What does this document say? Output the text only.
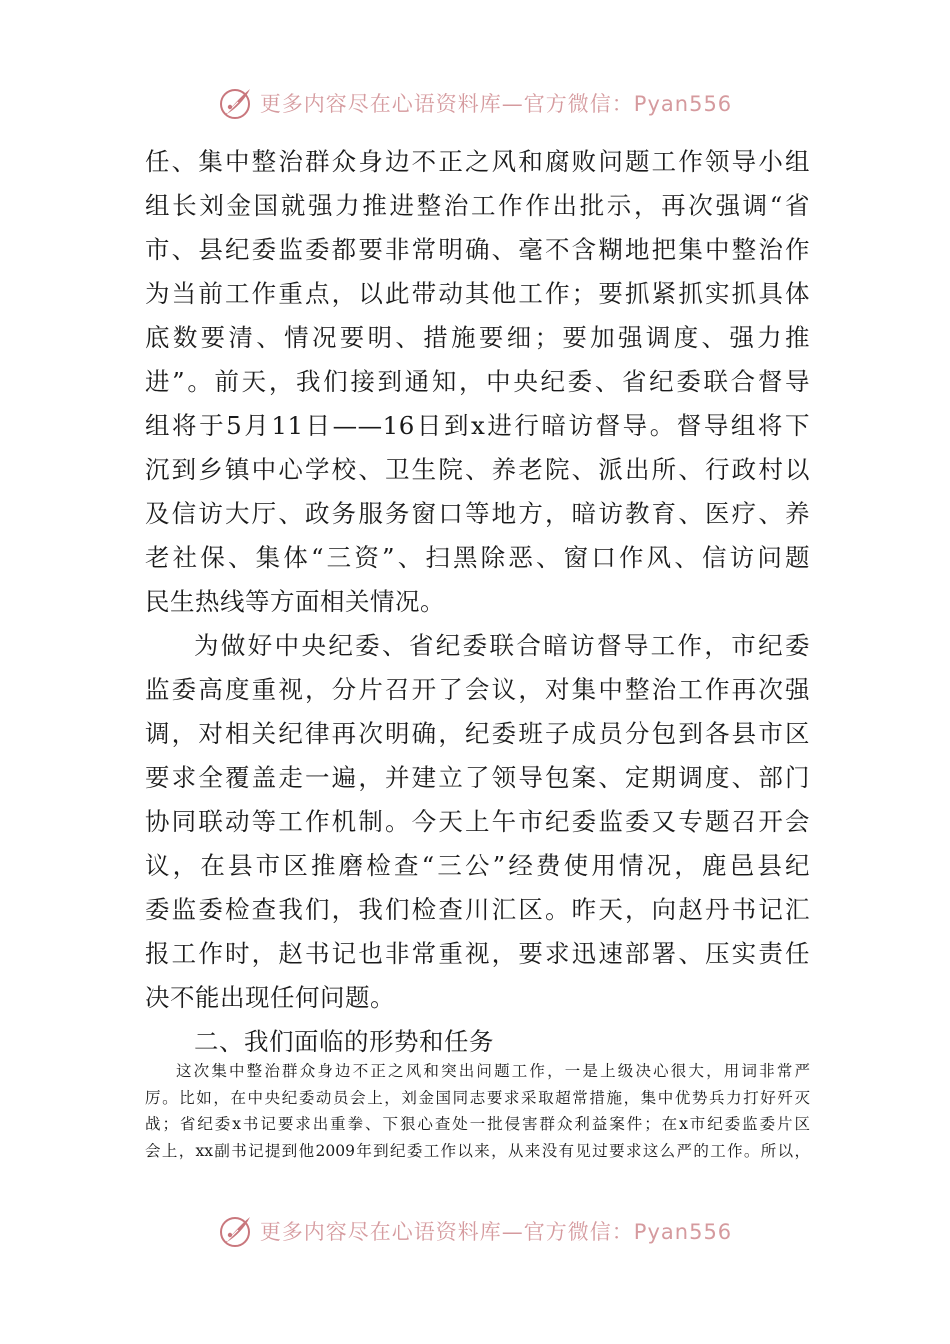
更多内容尽在心语资料库—官方微信：Pyan556
任、集中整治群众身边不正之风和腐败问题工作领导小组
组长刘金国就强力推进整治工作作出批示，再次强调“省
市、县纪委监委都要非常明确、毫不含糊地把集中整治作
为当前工作重点，以此带动其他工作；要抓紧抓实抓具体
底数要清、情况要明、措施要细；要加强调度、强力推
进”。前天，我们接到通知，中央纪委、省纪委联合督导
组将于5月11日——16日到x进行暗访督导。督导组将下
沉到乡镇中心学校、卫生院、养老院、派出所、行政村以
及信访大厅、政务服务窗口等地方，暗访教育、医疗、养
老社保、集体“三资”、扫黑除恶、窗口作风、信访问题
民生热线等方面相关情况。
为做好中央纪委、省纪委联合暗访督导工作，市纪委
监委高度重视，分片召开了会议，对集中整治工作再次强
调，对相关纪律再次明确，纪委班子成员分包到各县市区
要求全覆盖走一遍，并建立了领导包案、定期调度、部门
协同联动等工作机制。今天上午市纪委监委又专题召开会
议，在县市区推磨检查“三公”经费使用情况，鹿邑县纪
委监委检查我们，我们检查川汇区。昨天，向赵丹书记汇
报工作时，赵书记也非常重视，要求迅速部署、压实责任
决不能出现任何问题。
二、我们面临的形势和任务
这次集中整治群众身边不正之风和突出问题工作，一是上级决心很大，用词非常严
厉。比如，在中央纪委动员会上，刘金国同志要求采取超常措施，集中优势兵力打好歼灭
战；省纪委x书记要求出重拳、下狠心查处一批侵害群众利益案件；在x市纪委监委片区
会上，xx副书记提到他2009年到纪委工作以来，从来没有见过要求这么严的工作。所以，
更多内容尽在心语资料库—官方微信：Pyan556
